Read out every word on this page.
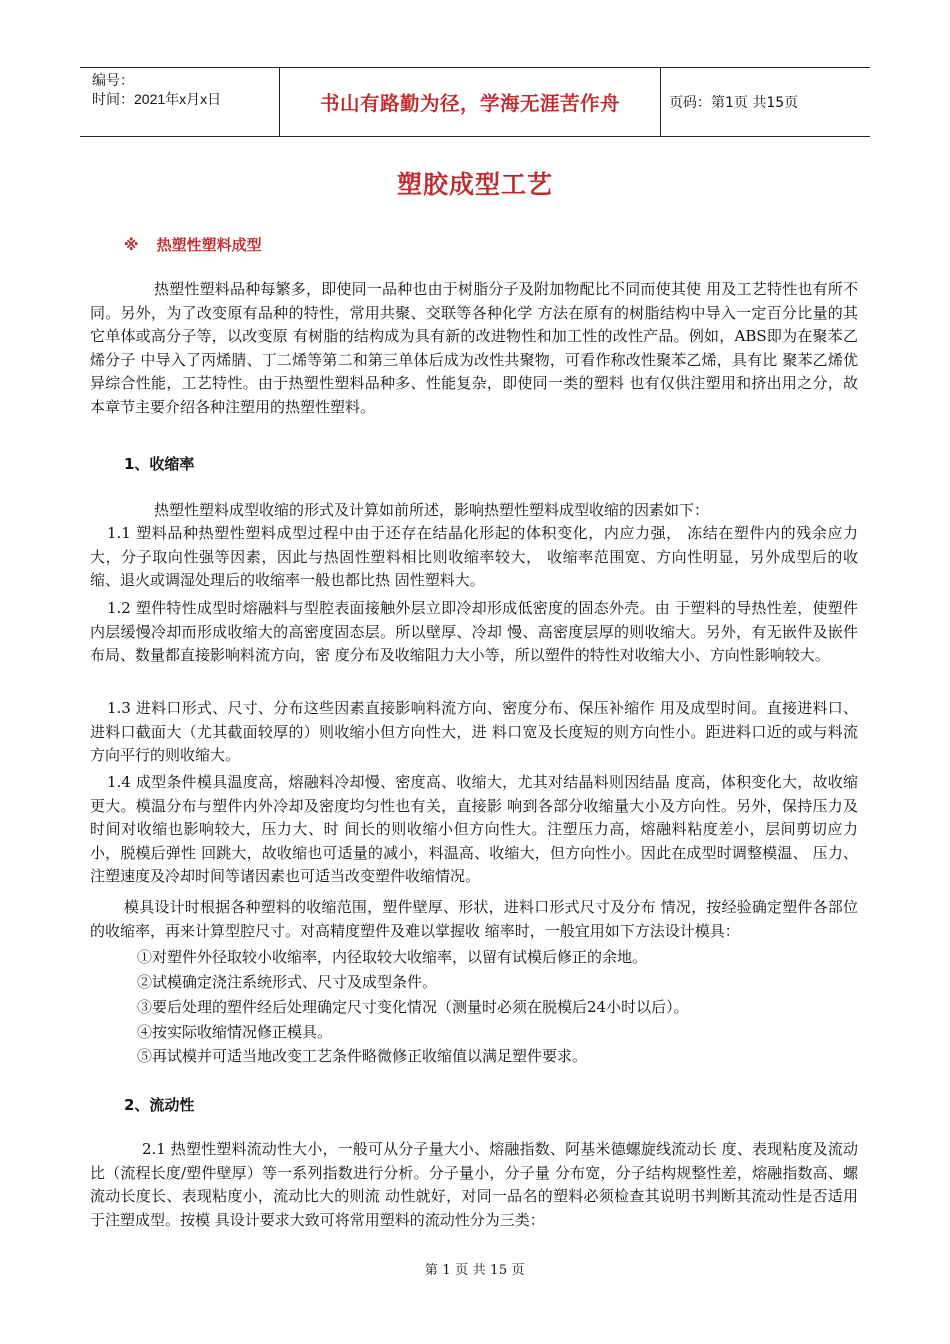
编号：
时间：2021年x月x日	书山有路勤为径，学海无涯苦作舟	页码：第1页 共15页
塑胶成型工艺
※ 热塑性塑料成型

热塑性塑料品种每繁多，即使同一品种也由于树脂分子及附加物配比不同而使其使 用及工艺特性也有所不同。另外，为了改变原有品种的特性，常用共聚、交联等各种化学 方法在原有的树脂结构中导入一定百分比量的其它单体或高分子等，以改变原 有树脂的结构成为具有新的改进物性和加工性的改性产品。例如，ABS即为在聚苯乙烯分子 中导入了丙烯腈、丁二烯等第二和第三单体后成为改性共聚物，可看作称改性聚苯乙烯，具有比 聚苯乙烯优异综合性能，工艺特性。由于热塑性塑料品种多、性能复杂，即使同一类的塑料 也有仅供注塑用和挤出用之分，故本章节主要介绍各种注塑用的热塑性塑料。

1、收缩率

热塑性塑料成型收缩的形式及计算如前所述，影响热塑性塑料成型收缩的因素如下：

1.1 塑料品种热塑性塑料成型过程中由于还存在结晶化形起的体积变化，内应力强， 冻结在塑件内的残余应力大，分子取向性强等因素，因此与热固性塑料相比则收缩率较大， 收缩率范围宽、方向性明显，另外成型后的收缩、退火或调湿处理后的收缩率一般也都比热 固性塑料大。

1.2 塑件特性成型时熔融料与型腔表面接触外层立即冷却形成低密度的固态外壳。由 于塑料的导热性差，使塑件内层缓慢冷却而形成收缩大的高密度固态层。所以壁厚、冷却 慢、高密度层厚的则收缩大。另外，有无嵌件及嵌件布局、数量都直接影响料流方向，密 度分布及收缩阻力大小等，所以塑件的特性对收缩大小、方向性影响较大。

1.3 进料口形式、尺寸、分布这些因素直接影响料流方向、密度分布、保压补缩作 用及成型时间。直接进料口、进料口截面大（尤其截面较厚的）则收缩小但方向性大，进 料口宽及长度短的则方向性小。距进料口近的或与料流方向平行的则收缩大。

1.4 成型条件模具温度高，熔融料冷却慢、密度高、收缩大，尤其对结晶料则因结晶 度高，体积变化大，故收缩更大。模温分布与塑件内外冷却及密度均匀性也有关，直接影 响到各部分收缩量大小及方向性。另外，保持压力及时间对收缩也影响较大，压力大、时 间长的则收缩小但方向性大。注塑压力高，熔融料粘度差小，层间剪切应力小，脱模后弹性 回跳大，故收缩也可适量的减小，料温高、收缩大，但方向性小。因此在成型时调整模温、 压力、注塑速度及冷却时间等诸因素也可适当改变塑件收缩情况。

模具设计时根据各种塑料的收缩范围，塑件壁厚、形状，进料口形式尺寸及分布 情况，按经验确定塑件各部位的收缩率，再来计算型腔尺寸。对高精度塑件及难以掌握收 缩率时，一般宜用如下方法设计模具：

①对塑件外径取较小收缩率，内径取较大收缩率，以留有试模后修正的余地。

②试模确定浇注系统形式、尺寸及成型条件。

③要后处理的塑件经后处理确定尺寸变化情况（测量时必须在脱模后24小时以后）。

④按实际收缩情况修正模具。

⑤再试模并可适当地改变工艺条件略微修正收缩值以满足塑件要求。

2、流动性

2.1 热塑性塑料流动性大小，一般可从分子量大小、熔融指数、阿基米德螺旋线流动长 度、表现粘度及流动比（流程长度/塑件壁厚）等一系列指数进行分析。分子量小，分子量 分布宽，分子结构规整性差，熔融指数高、螺流动长度长、表现粘度小，流动比大的则流 动性就好，对同一品名的塑料必须检查其说明书判断其流动性是否适用于注塑成型。按模 具设计要求大致可将常用塑料的流动性分为三类：

第 1 页 共 15 页
